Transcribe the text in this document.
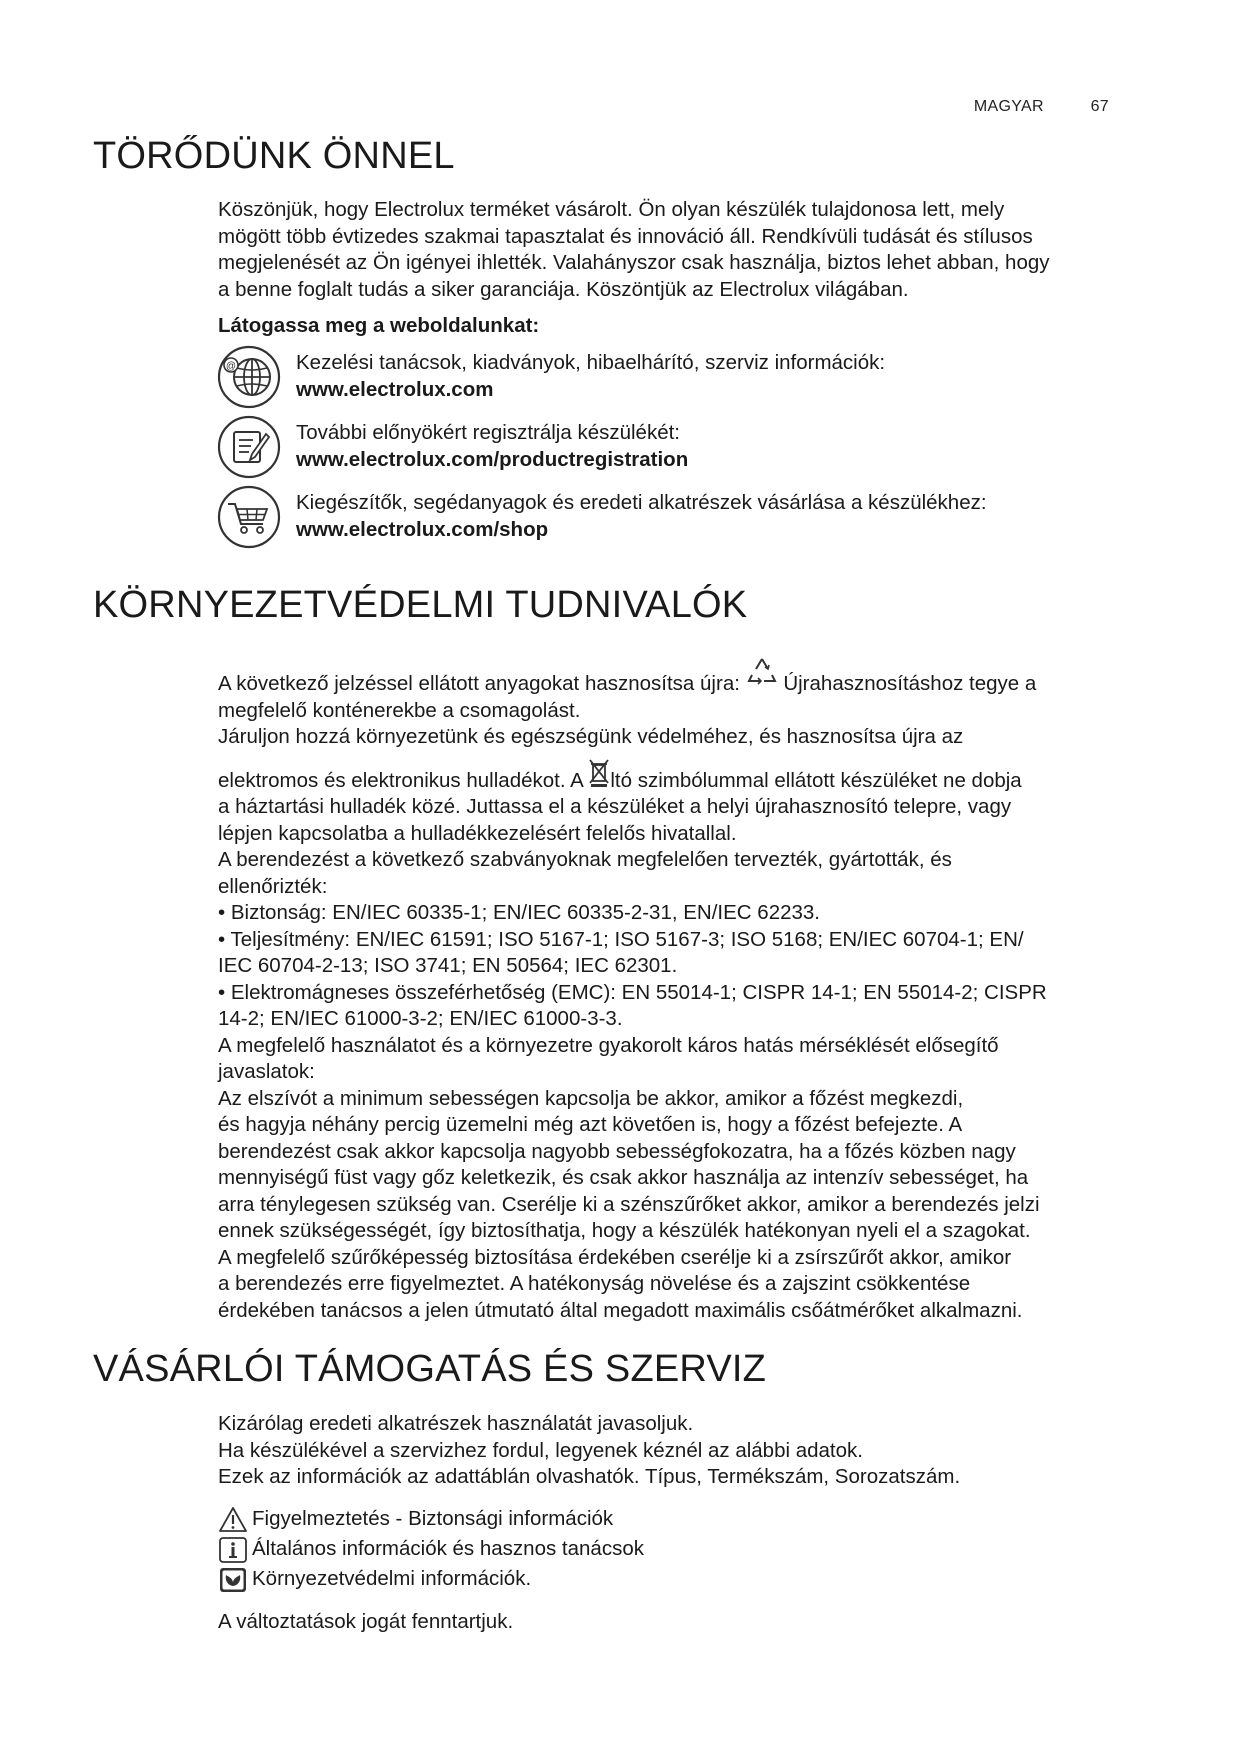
MAGYAR	67
TÖRŐDÜNK ÖNNEL

Köszönjük, hogy Electrolux terméket vásárolt. Ön olyan készülék tulajdonosa lett, mely

mögött több évtizedes szakmai tapasztalat és innováció áll. Rendkívüli tudását és stílusos

megjelenését az Ön igényei ihlették. Valahányszor csak használja, biztos lehet abban, hogy

a benne foglalt tudás a siker garanciája. Köszöntjük az Electrolux világában.

Látogassa meg a weboldalunkat:

@	Kezelési tanácsok, kiadványok, hibaelhárító, szerviz információk:

www.electrolux.com

További előnyökért regisztrálja készülékét:

www.electrolux.com/productregistration

Kiegészítők, segédanyagok és eredeti alkatrészek vásárlása a készülékhez:

www.electrolux.com/shop

KÖRNYEZETVÉDELMI TUDNIVALÓK

A következő jelzéssel ellátott anyagokat hasznosítsa újra: Újrahasznosításhoz tegye a

megfelelő konténerekbe a csomagolást.

Járuljon hozzá környezetünk és egészségünk védelméhez, és hasznosítsa újra az

elektromos és elektronikus hulladékot. A ltó szimbólummal ellátott készüléket ne dobja

a háztartási hulladék közé. Juttassa el a készüléket a helyi újrahasznosító telepre, vagy

lépjen kapcsolatba a hulladékkezelésért felelős hivatallal.

A berendezést a következő szabványoknak megfelelően tervezték, gyártották, és

ellenőrizték:

• Biztonság: EN/IEC 60335-1; EN/IEC 60335-2-31, EN/IEC 62233.

• Teljesítmény: EN/IEC 61591; ISO 5167-1; ISO 5167-3; ISO 5168; EN/IEC 60704-1; EN/

IEC 60704-2-13; ISO 3741; EN 50564; IEC 62301.

• Elektromágneses összeférhetőség (EMC): EN 55014-1; CISPR 14-1; EN 55014-2; CISPR

14-2; EN/IEC 61000-3-2; EN/IEC 61000-3-3.

A megfelelő használatot és a környezetre gyakorolt káros hatás mérséklését elősegítő

javaslatok:

Az elszívót a minimum sebességen kapcsolja be akkor, amikor a főzést megkezdi,

és hagyja néhány percig üzemelni még azt követően is, hogy a főzést befejezte. A

berendezést csak akkor kapcsolja nagyobb sebességfokozatra, ha a főzés közben nagy

mennyiségű füst vagy gőz keletkezik, és csak akkor használja az intenzív sebességet, ha

arra ténylegesen szükség van. Cserélje ki a szénszűrőket akkor, amikor a berendezés jelzi

ennek szükségességét, így biztosíthatja, hogy a készülék hatékonyan nyeli el a szagokat.

A megfelelő szűrőképesség biztosítása érdekében cserélje ki a zsírszűrőt akkor, amikor

a berendezés erre figyelmeztet. A hatékonyság növelése és a zajszint csökkentése

érdekében tanácsos a jelen útmutató által megadott maximális csőátmérőket alkalmazni.

VÁSÁRLÓI TÁMOGATÁS ÉS SZERVIZ

Kizárólag eredeti alkatrészek használatát javasoljuk.

Ha készülékével a szervizhez fordul, legyenek kéznél az alábbi adatok.

Ezek az információk az adattáblán olvashatók. Típus, Termékszám, Sorozatszám.

Figyelmeztetés - Biztonsági információk
Általános információk és hasznos tanácsok
Környezetvédelmi információk.

A változtatások jogát fenntartjuk.
